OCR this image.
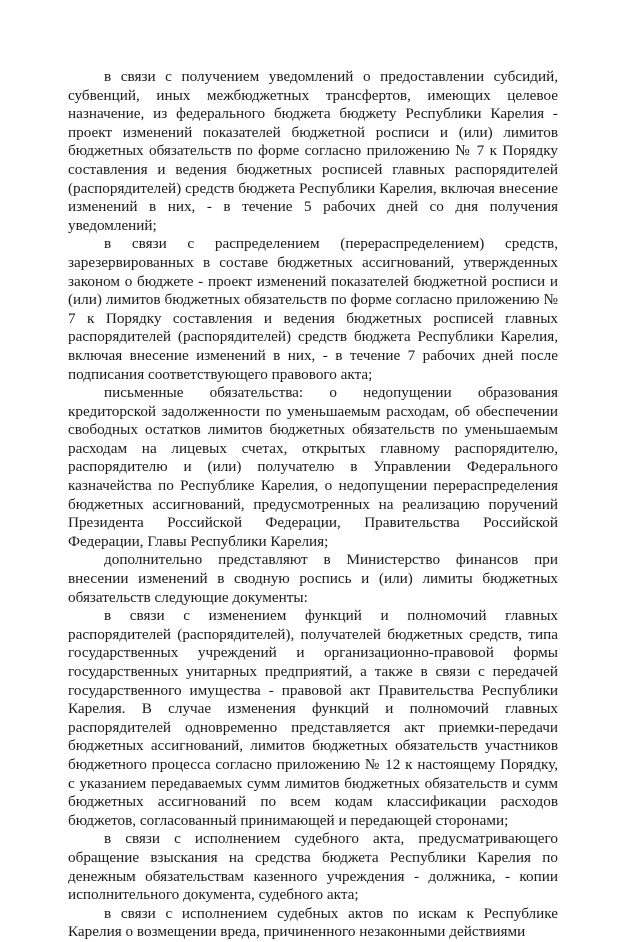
в связи с получением уведомлений о предоставлении субсидий, субвенций, иных межбюджетных трансфертов, имеющих целевое назначение, из федерального бюджета бюджету Республики Карелия - проект изменений показателей бюджетной росписи и (или) лимитов бюджетных обязательств по форме согласно приложению № 7 к Порядку составления и ведения бюджетных росписей главных распорядителей (распорядителей) средств бюджета Республики Карелия, включая внесение изменений в них, - в течение 5 рабочих дней со дня получения уведомлений;

в связи с распределением (перераспределением) средств, зарезервированных в составе бюджетных ассигнований, утвержденных законом о бюджете - проект изменений показателей бюджетной росписи и (или) лимитов бюджетных обязательств по форме согласно приложению № 7 к Порядку составления и ведения бюджетных росписей главных распорядителей (распорядителей) средств бюджета Республики Карелия, включая внесение изменений в них, - в течение 7 рабочих дней после подписания соответствующего правового акта;

письменные обязательства: о недопущении образования кредиторской задолженности по уменьшаемым расходам, об обеспечении свободных остатков лимитов бюджетных обязательств по уменьшаемым расходам на лицевых счетах, открытых главному распорядителю, распорядителю и (или) получателю в Управлении Федерального казначейства по Республике Карелия, о недопущении перераспределения бюджетных ассигнований, предусмотренных на реализацию поручений Президента Российской Федерации, Правительства Российской Федерации, Главы Республики Карелия;

дополнительно представляют в Министерство финансов при внесении изменений в сводную роспись и (или) лимиты бюджетных обязательств следующие документы:

в связи с изменением функций и полномочий главных распорядителей (распорядителей), получателей бюджетных средств, типа государственных учреждений и организационно-правовой формы государственных унитарных предприятий, а также в связи с передачей государственного имущества - правовой акт Правительства Республики Карелия. В случае изменения функций и полномочий главных распорядителей одновременно представляется акт приемки-передачи бюджетных ассигнований, лимитов бюджетных обязательств участников бюджетного процесса согласно приложению № 12 к настоящему Порядку, с указанием передаваемых сумм лимитов бюджетных обязательств и сумм бюджетных ассигнований по всем кодам классификации расходов бюджетов, согласованный принимающей и передающей сторонами;

в связи с исполнением судебного акта, предусматривающего обращение взыскания на средства бюджета Республики Карелия по денежным обязательствам казенного учреждения - должника, - копии исполнительного документа, судебного акта;

в связи с исполнением судебных актов по искам к Республике Карелия о возмещении вреда, причиненного незаконными действиями
